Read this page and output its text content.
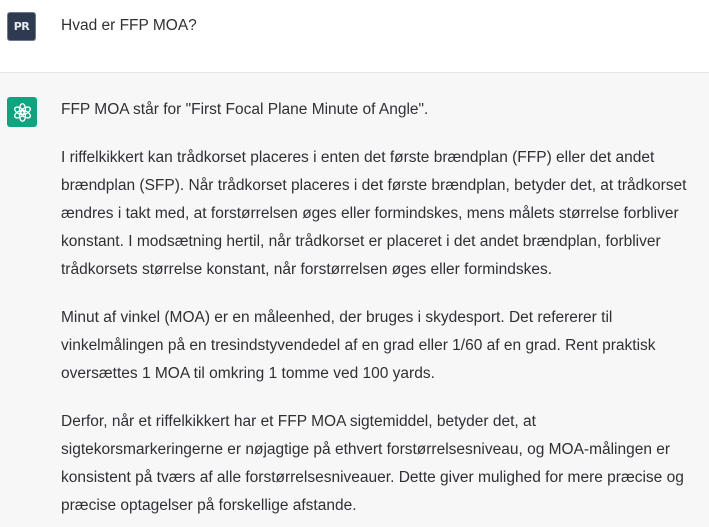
PR Hvad er FFP MOA?

FFP MOA står for "First Focal Plane Minute of Angle".

I riffelkikkert kan trådkorset placeres i enten det første brændplan (FFP) eller det andet

brændplan (SFP). Når trådkorset placeres i det første brændplan, betyder det, at trådkorset

ændres i takt med, at forstørrelsen øges eller formindskes, mens målets størrelse forbliver

konstant. I modsætning hertil, når trådkorset er placeret i det andet brændplan, forbliver

trådkorsets størrelse konstant, når forstørrelsen øges eller formindskes.

Minut af vinkel (MOA) er en måleenhed, der bruges i skydesport. Det refererer til

vinkelmålingen på en tresindstyvendedel af en grad eller 1/60 af en grad. Rent praktisk

oversættes 1 MOA til omkring 1 tomme ved 100 yards.

Derfor, når et riffelkikkert har et FFP MOA sigtemiddel, betyder det, at

sigtekorsmarkeringerne er nøjagtige på ethvert forstørrelsesniveau, og MOA-målingen er

konsistent på tværs af alle forstørrelsesniveauer. Dette giver mulighed for mere præcise og

præcise optagelser på forskellige afstande.
